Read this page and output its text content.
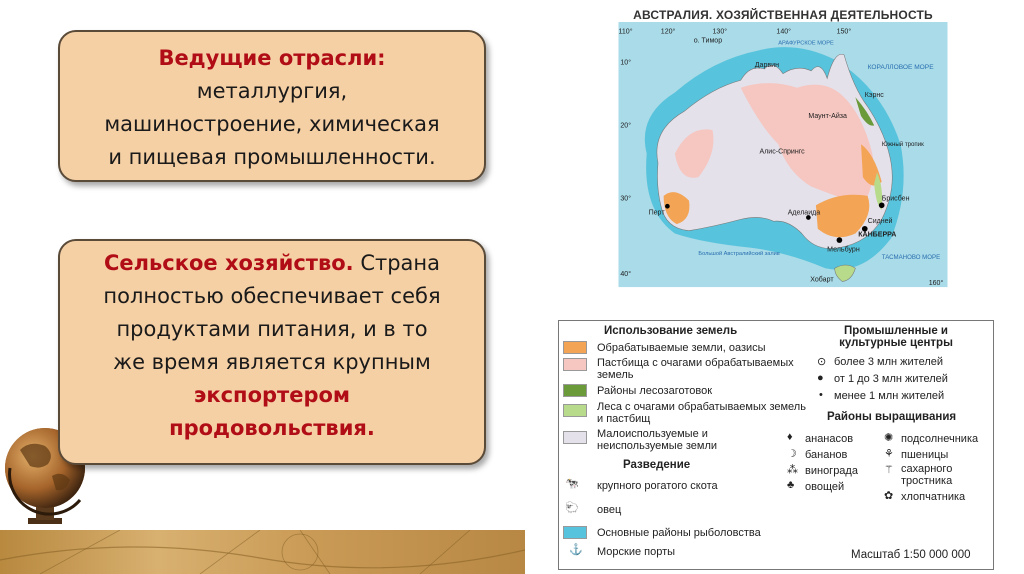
Ведущие отрасли:
металлургия,
машиностроение, химическая
и пищевая промышленности.
Сельское хозяйство. Страна
полностью обеспечивает себя
продуктами питания, и в то
же время является крупным
экспортером
продовольствия.
АВСТРАЛИЯ. ХОЗЯЙСТВЕННАЯ ДЕЯТЕЛЬНОСТЬ
110°	120°	130°	140°	150°
160°
10°
20°
30°
40°
о. Тимор
Дарвин
АРАФУРСКОЕ МОРЕ
КОРАЛЛОВОЕ МОРЕ
Кэрнс
Маунт-Айза
Алис-Спрингс
Южный тропик
Брисбен
Перт	Аделаида
Сидней
КАНБЕРРА
Мельбурн
Хобарт
ТАСМАНОВО МОРЕ
Большой Австралийский залив
Использование земель
Обрабатываемые земли, оазисы
Пастбища с очагами обрабатываемых земель
Районы лесозаготовок
Леса с очагами обрабатываемых земель и пастбищ
Малоиспользуемые и неиспользуемые земли
Разведение
🐄 крупного рогатого скота
🐑 овец
Основные районы рыболовства
⚓ Морские порты
Промышленные и культурные центры
⊙ более 3 млн жителей
● от 1 до 3 млн жителей
• менее 1 млн жителей
Районы выращивания
♦ ананасов
☽ бананов
⁂ винограда
♣ овощей
✺ подсолнечника
⚘ пшеницы
⚚ сахарного тростника
✿ хлопчатника
Масштаб 1:50 000 000
